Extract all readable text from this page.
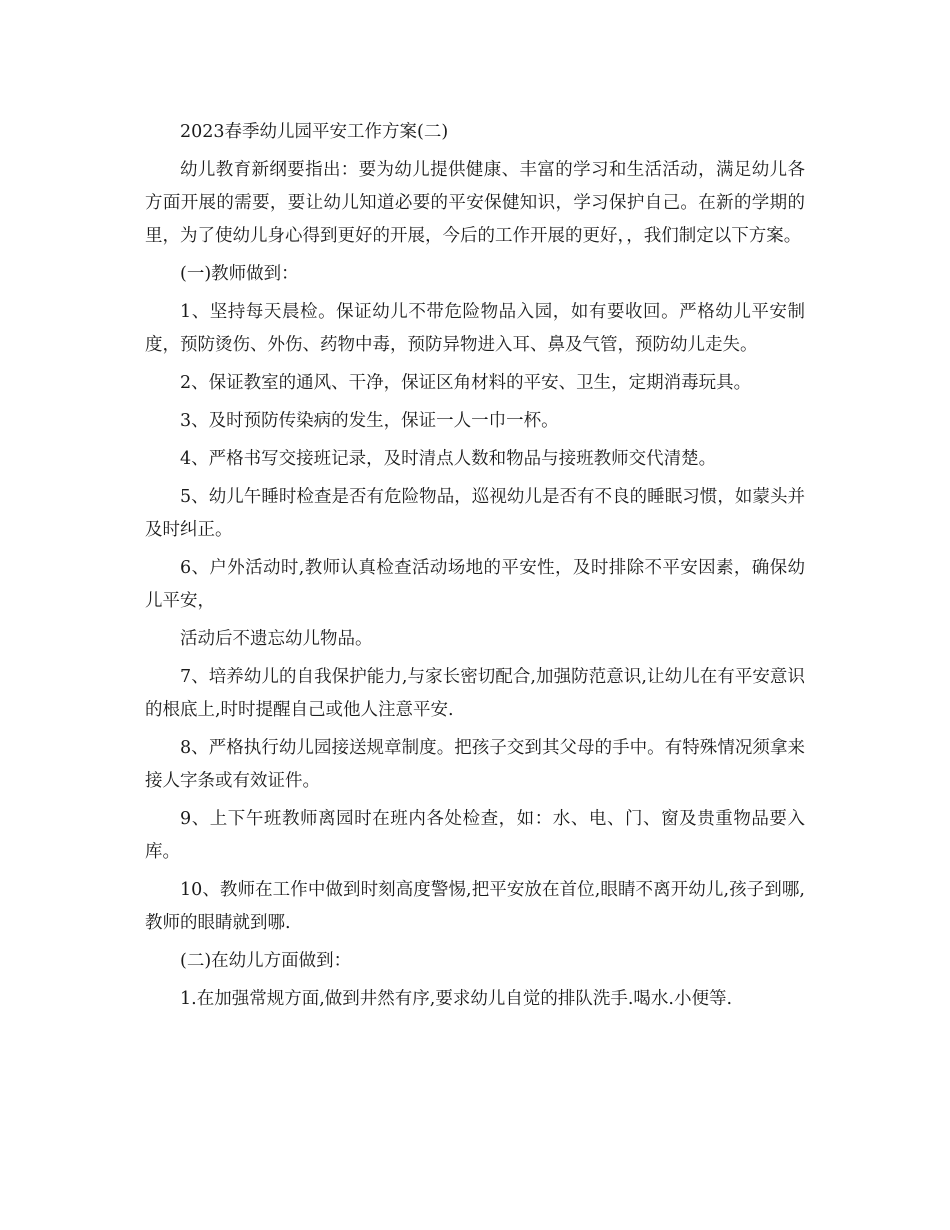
2023春季幼儿园平安工作方案(二)

幼儿教育新纲要指出：要为幼儿提供健康、丰富的学习和生活活动，满足幼儿各方面开展的需要，要让幼儿知道必要的平安保健知识，学习保护自己。在新的学期的里，为了使幼儿身心得到更好的开展，今后的工作开展的更好，，我们制定以下方案。

(一)教师做到：

1、坚持每天晨检。保证幼儿不带危险物品入园，如有要收回。严格幼儿平安制度，预防烫伤、外伤、药物中毒，预防异物进入耳、鼻及气管，预防幼儿走失。

2、保证教室的通风、干净，保证区角材料的平安、卫生，定期消毒玩具。

3、及时预防传染病的发生，保证一人一巾一杯。

4、严格书写交接班记录，及时清点人数和物品与接班教师交代清楚。

5、幼儿午睡时检查是否有危险物品，巡视幼儿是否有不良的睡眠习惯，如蒙头并及时纠正。

6、户外活动时,教师认真检查活动场地的平安性，及时排除不平安因素，确保幼儿平安，

活动后不遗忘幼儿物品。

7、培养幼儿的自我保护能力,与家长密切配合,加强防范意识,让幼儿在有平安意识的根底上,时时提醒自己或他人注意平安.

8、严格执行幼儿园接送规章制度。把孩子交到其父母的手中。有特殊情况须拿来接人字条或有效证件。

9、上下午班教师离园时在班内各处检查，如：水、电、门、窗及贵重物品要入库。

10、教师在工作中做到时刻高度警惕,把平安放在首位,眼睛不离开幼儿,孩子到哪,教师的眼睛就到哪.

(二)在幼儿方面做到：

1.在加强常规方面,做到井然有序,要求幼儿自觉的排队洗手.喝水.小便等.
